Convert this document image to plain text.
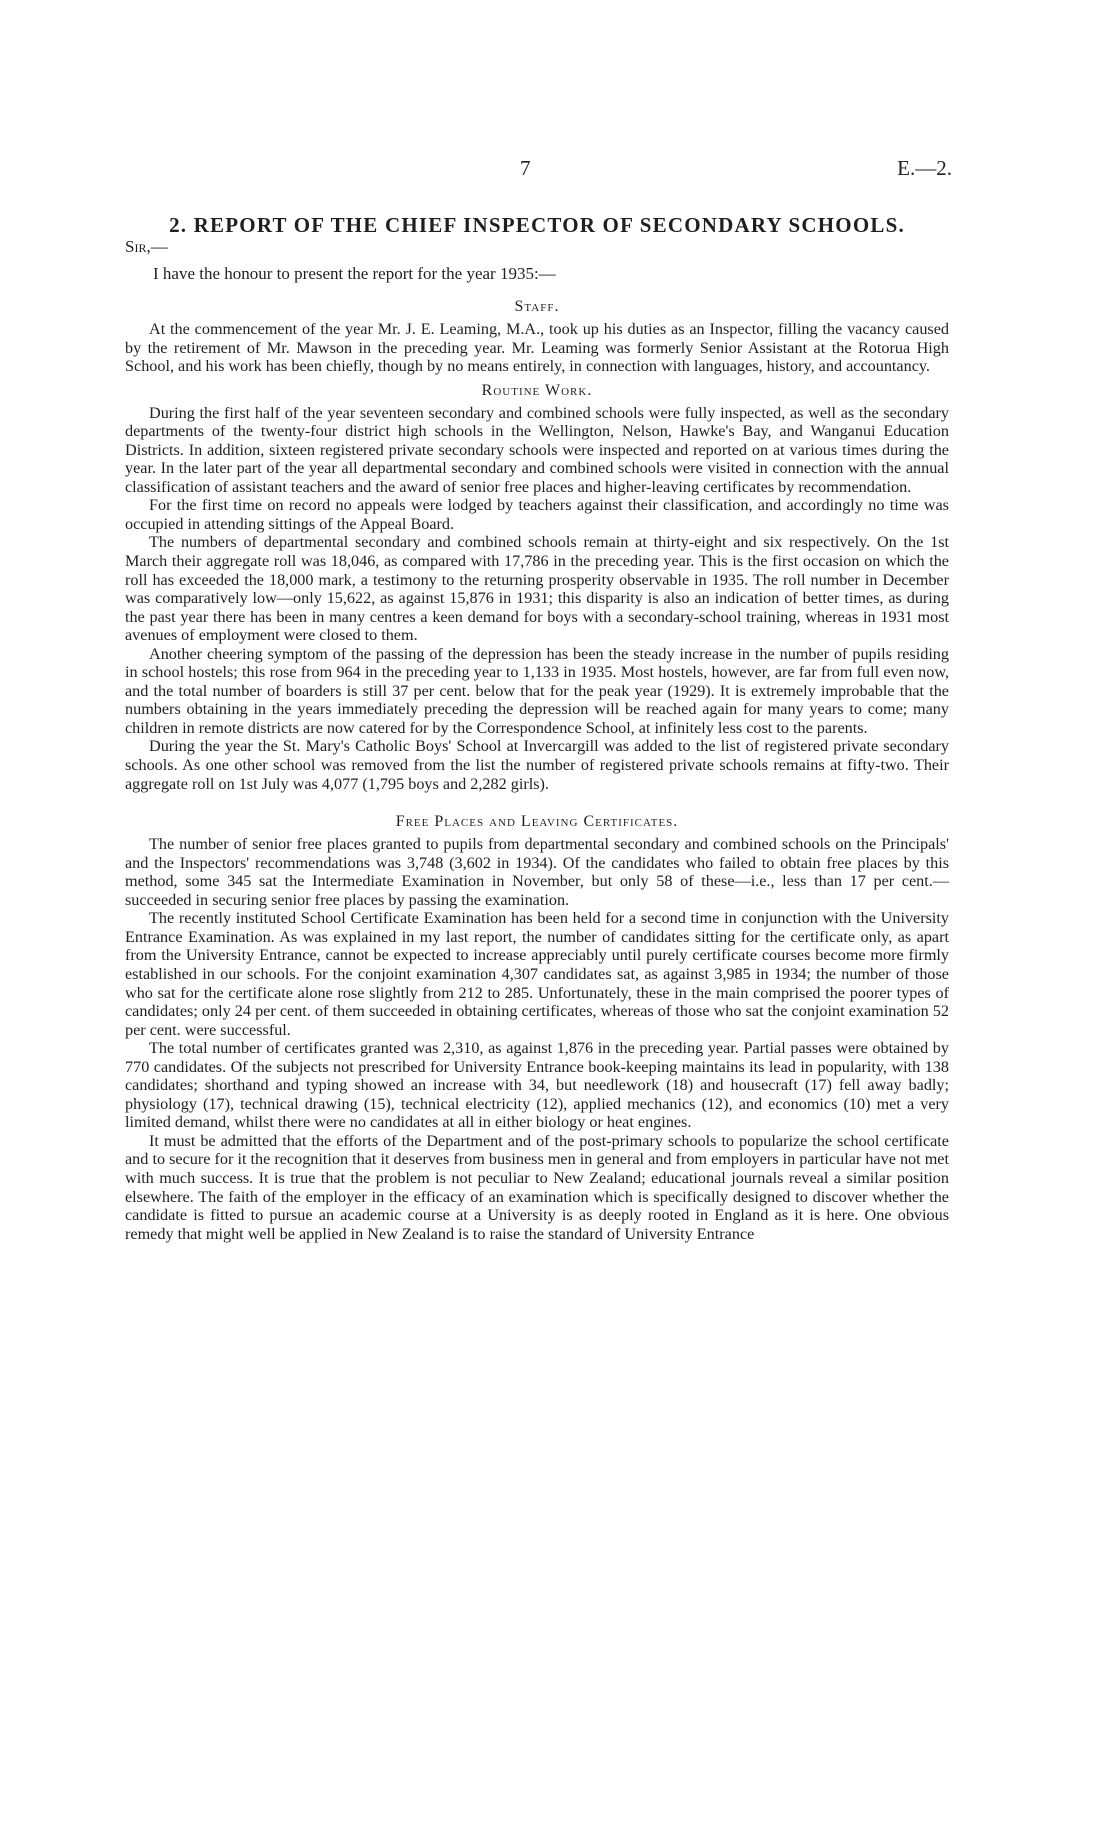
7	E.—2.
2. REPORT OF THE CHIEF INSPECTOR OF SECONDARY SCHOOLS.

Sir,—

I have the honour to present the report for the year 1935:—

Staff.

At the commencement of the year Mr. J. E. Leaming, M.A., took up his duties as an Inspector, filling the vacancy caused by the retirement of Mr. Mawson in the preceding year. Mr. Leaming was formerly Senior Assistant at the Rotorua High School, and his work has been chiefly, though by no means entirely, in connection with languages, history, and accountancy.

Routine Work.

During the first half of the year seventeen secondary and combined schools were fully inspected, as well as the secondary departments of the twenty-four district high schools in the Wellington, Nelson, Hawke's Bay, and Wanganui Education Districts. In addition, sixteen registered private secondary schools were inspected and reported on at various times during the year. In the later part of the year all departmental secondary and combined schools were visited in connection with the annual classification of assistant teachers and the award of senior free places and higher-leaving certificates by recommendation.

For the first time on record no appeals were lodged by teachers against their classification, and accordingly no time was occupied in attending sittings of the Appeal Board.

The numbers of departmental secondary and combined schools remain at thirty-eight and six respectively. On the 1st March their aggregate roll was 18,046, as compared with 17,786 in the preceding year. This is the first occasion on which the roll has exceeded the 18,000 mark, a testimony to the returning prosperity observable in 1935. The roll number in December was comparatively low—only 15,622, as against 15,876 in 1931; this disparity is also an indication of better times, as during the past year there has been in many centres a keen demand for boys with a secondary-school training, whereas in 1931 most avenues of employment were closed to them.

Another cheering symptom of the passing of the depression has been the steady increase in the number of pupils residing in school hostels; this rose from 964 in the preceding year to 1,133 in 1935. Most hostels, however, are far from full even now, and the total number of boarders is still 37 per cent. below that for the peak year (1929). It is extremely improbable that the numbers obtaining in the years immediately preceding the depression will be reached again for many years to come; many children in remote districts are now catered for by the Correspondence School, at infinitely less cost to the parents.

During the year the St. Mary's Catholic Boys' School at Invercargill was added to the list of registered private secondary schools. As one other school was removed from the list the number of registered private schools remains at fifty-two. Their aggregate roll on 1st July was 4,077 (1,795 boys and 2,282 girls).

Free Places and Leaving Certificates.

The number of senior free places granted to pupils from departmental secondary and combined schools on the Principals' and the Inspectors' recommendations was 3,748 (3,602 in 1934). Of the candidates who failed to obtain free places by this method, some 345 sat the Intermediate Examination in November, but only 58 of these—i.e., less than 17 per cent.—succeeded in securing senior free places by passing the examination.

The recently instituted School Certificate Examination has been held for a second time in conjunction with the University Entrance Examination. As was explained in my last report, the number of candidates sitting for the certificate only, as apart from the University Entrance, cannot be expected to increase appreciably until purely certificate courses become more firmly established in our schools. For the conjoint examination 4,307 candidates sat, as against 3,985 in 1934; the number of those who sat for the certificate alone rose slightly from 212 to 285. Unfortunately, these in the main comprised the poorer types of candidates; only 24 per cent. of them succeeded in obtaining certificates, whereas of those who sat the conjoint examination 52 per cent. were successful.

The total number of certificates granted was 2,310, as against 1,876 in the preceding year. Partial passes were obtained by 770 candidates. Of the subjects not prescribed for University Entrance book-keeping maintains its lead in popularity, with 138 candidates; shorthand and typing showed an increase with 34, but needlework (18) and housecraft (17) fell away badly; physiology (17), technical drawing (15), technical electricity (12), applied mechanics (12), and economics (10) met a very limited demand, whilst there were no candidates at all in either biology or heat engines.

It must be admitted that the efforts of the Department and of the post-primary schools to popularize the school certificate and to secure for it the recognition that it deserves from business men in general and from employers in particular have not met with much success. It is true that the problem is not peculiar to New Zealand; educational journals reveal a similar position elsewhere. The faith of the employer in the efficacy of an examination which is specifically designed to discover whether the candidate is fitted to pursue an academic course at a University is as deeply rooted in England as it is here. One obvious remedy that might well be applied in New Zealand is to raise the standard of University Entrance
